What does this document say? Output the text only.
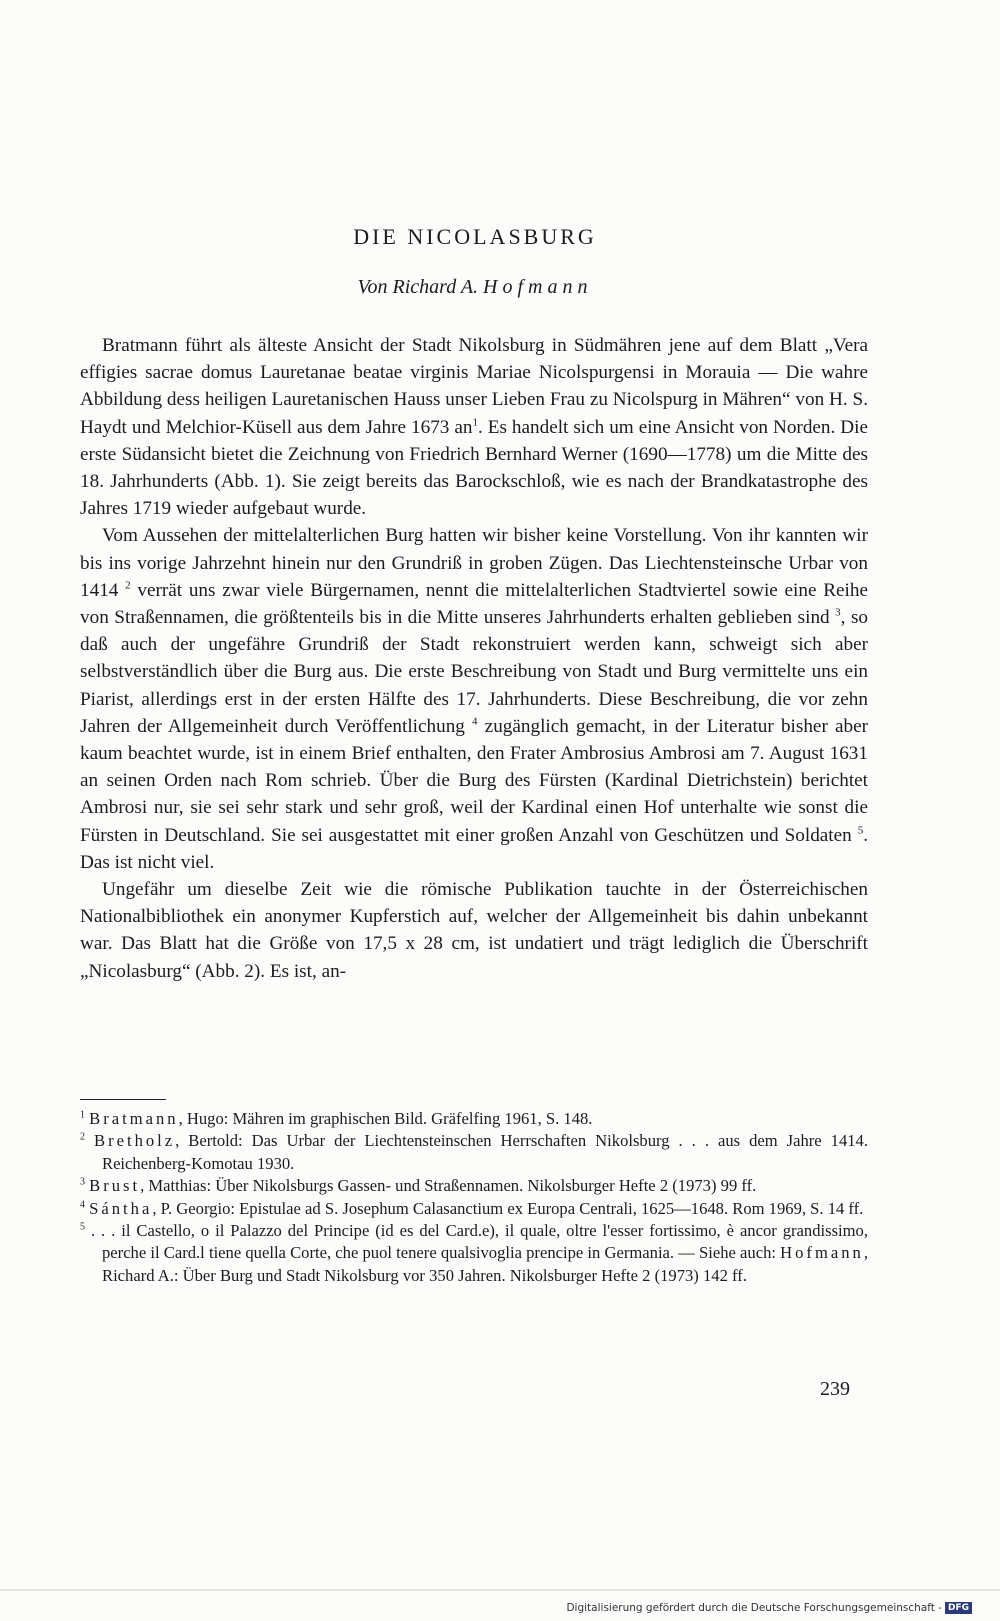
DIE NICOLASBURG
Von Richard A. Hofmann

Bratmann führt als älteste Ansicht der Stadt Nikolsburg in Südmähren jene auf dem Blatt „Vera effigies sacrae domus Lauretanae beatae virginis Mariae Nicolspurgensi in Morauia — Die wahre Abbildung dess heiligen Lauretanischen Hauss unser Lieben Frau zu Nicolspurg in Mähren“ von H. S. Haydt und Melchior-Küsell aus dem Jahre 1673 $an^1$. Es handelt sich um eine Ansicht von Norden. Die erste Südansicht bietet die Zeichnung von Friedrich Bernhard Werner (1690—1778) um die Mitte des 18. Jahrhunderts (Abb. 1). Sie zeigt bereits das Barockschloß, wie es nach der Brandkatastrophe des Jahres 1719 wieder aufgebaut wurde.

Vom Aussehen der mittelalterlichen Burg hatten wir bisher keine Vorstellung. Von ihr kannten wir bis ins vorige Jahrzehnt hinein nur den Grundriß in groben Zügen. Das Liechtensteinsche Urbar von 1414 $^2$ verrät uns zwar viele Bürgernamen, nennt die mittelalterlichen Stadtviertel sowie eine Reihe von Straßennamen, die größtenteils bis in die Mitte unseres Jahrhunderts erhalten geblieben sind $^3$, so daß auch der ungefähre Grundriß der Stadt rekonstruiert werden kann, schweigt sich aber selbstverständlich über die Burg aus. Die erste Beschreibung von Stadt und Burg vermittelte uns ein Piarist, allerdings erst in der ersten Hälfte des 17. Jahrhunderts. Diese Beschreibung, die vor zehn Jahren der Allgemeinheit durch Veröffentlichung $^4$ zugänglich gemacht, in der Literatur bisher aber kaum beachtet wurde, ist in einem Brief enthalten, den Frater Ambrosius Ambrosi am 7. August 1631 an seinen Orden nach Rom schrieb. Über die Burg des Fürsten (Kardinal Dietrichstein) berichtet Ambrosi nur, sie sei sehr stark und sehr groß, weil der Kardinal einen Hof unterhalte wie sonst die Fürsten in Deutschland. Sie sei ausgestattet mit einer großen Anzahl von Geschützen und Soldaten $^5$. Das ist nicht viel.

Ungefähr um dieselbe Zeit wie die römische Publikation tauchte in der Österreichischen Nationalbibliothek ein anonymer Kupferstich auf, welcher der Allgemeinheit bis dahin unbekannt war. Das Blatt hat die Größe von 17,5 x 28 cm, ist undatiert und trägt lediglich die Überschrift „Nicolasburg“ (Abb. 2). Es ist, an-

$^1$ Bratmann, Hugo: Mähren im graphischen Bild. Gräfelfing 1961, S. 148.

$^2$ Bretholz, Bertold: Das Urbar der Liechtensteinschen Herrschaften Nikolsburg . . . aus dem Jahre 1414. Reichenberg-Komotau 1930.

$^3$ Brust, Matthias: Über Nikolsburgs Gassen- und Straßennamen. Nikolsburger Hefte 2 (1973) 99 ff.

$^4$ Sántha, P. Georgio: Epistulae ad S. Josephum Calasanctium ex Europa Centrali, 1625—1648. Rom 1969, S. 14 ff.

$^5$ . . . il Castello, o il Palazzo del Principe (id es del Card.e), il quale, oltre l'esser fortissimo, è ancor grandissimo, perche il Card.l tiene quella Corte, che puol tenere qualsivoglia prencipe in Germania. — Siehe auch: Hofmann, Richard A.: Über Burg und Stadt Nikolsburg vor 350 Jahren. Nikolsburger Hefte 2 (1973) 142 ff.

239
Digitalisierung gefördert durch die Deutsche Forschungsgemeinschaft - DFG
